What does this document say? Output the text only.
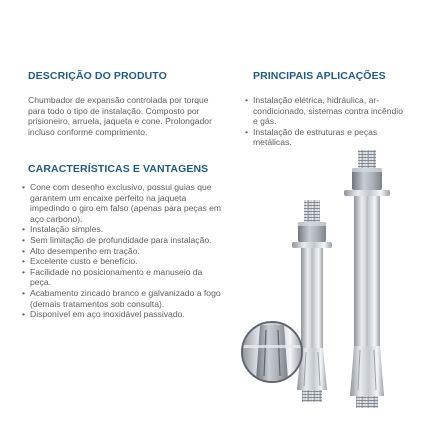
DESCRIÇÃO DO PRODUTO
Chumbador de expansão controlada por torque para todo o tipo de instalação. Composto por prisioneiro, arruela, jaqueta e cone. Prolongador incluso conforme comprimento.
CARACTERÍSTICAS E VANTAGENS
• Cone com desenho exclusivo, possui guias que garantem um encaixe perfeito na jaqueta impedindo o giro em falso (apenas para peças em aço carbono).
• Instalação simples.
• Sem limitação de profundidade para instalação.
• Alto desempenho em tração.
• Excelente custo e benefício.
• Facilidade no posicionamento e manuseio da peça.
• Acabamento zincado branco e galvanizado a fogo (demais tratamentos sob consulta).
• Disponível em aço inoxidável passivado.
PRINCIPAIS APLICAÇÕES
• Instalação elétrica, hidráulica, ar-condicionado, sistemas contra incêndio e gás.
• Instalação de estruturas e peças metálicas.
